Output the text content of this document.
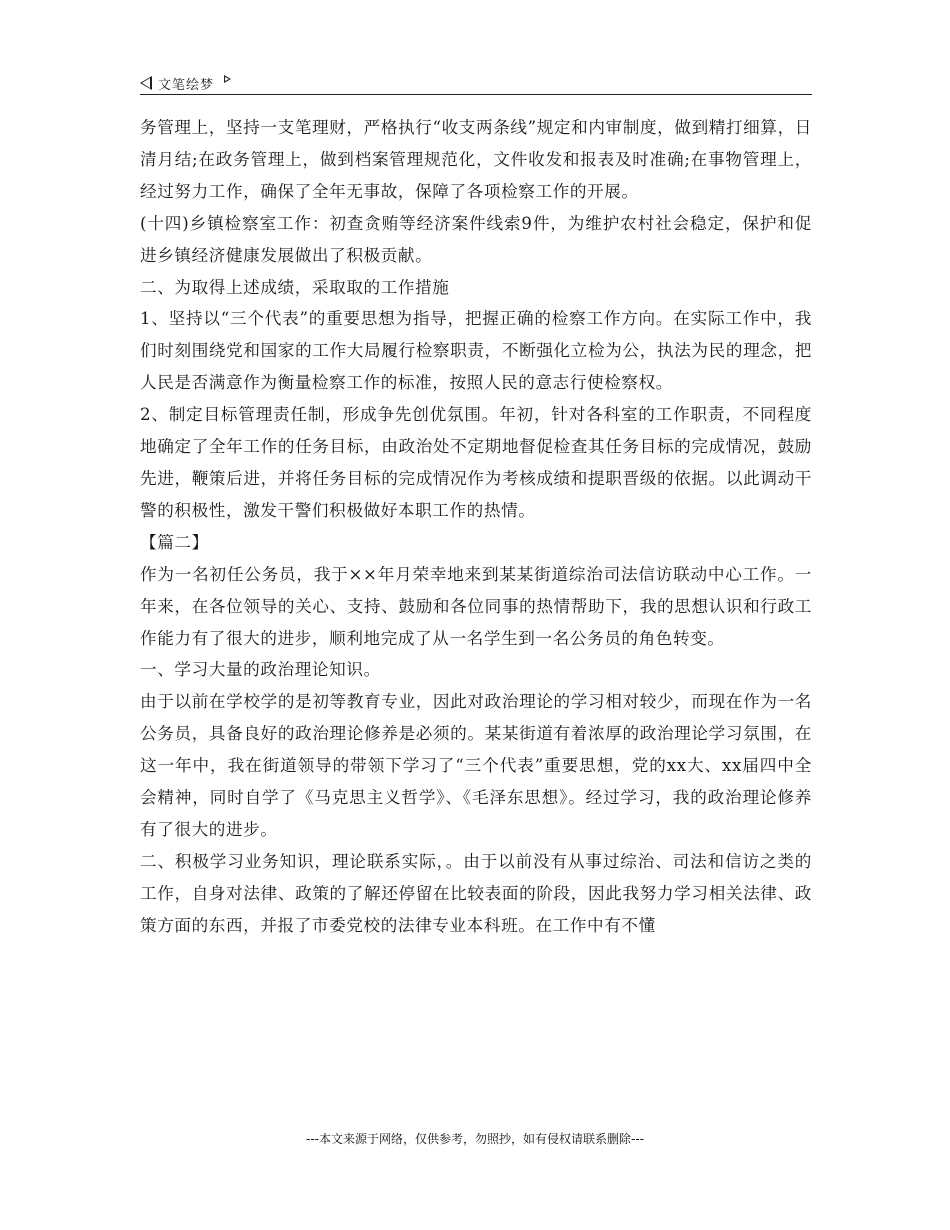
文笔绘梦

务管理上，坚持一支笔理财，严格执行“收支两条线”规定和内审制度，做到精打细算，日清月结;在政务管理上，做到档案管理规范化，文件收发和报表及时准确;在事物管理上，经过努力工作，确保了全年无事故，保障了各项检察工作的开展。

(十四)乡镇检察室工作：初查贪贿等经济案件线索9件，为维护农村社会稳定，保护和促进乡镇经济健康发展做出了积极贡献。

二、为取得上述成绩，采取取的工作措施

1、坚持以“三个代表”的重要思想为指导，把握正确的检察工作方向。在实际工作中，我们时刻围绕党和国家的工作大局履行检察职责，不断强化立检为公，执法为民的理念，把人民是否满意作为衡量检察工作的标准，按照人民的意志行使检察权。

2、制定目标管理责任制，形成争先创优氛围。年初，针对各科室的工作职责，不同程度地确定了全年工作的任务目标，由政治处不定期地督促检查其任务目标的完成情况，鼓励先进，鞭策后进，并将任务目标的完成情况作为考核成绩和提职晋级的依据。以此调动干警的积极性，激发干警们积极做好本职工作的热情。

【篇二】

作为一名初任公务员，我于××年月荣幸地来到某某街道综治司法信访联动中心工作。一年来，在各位领导的关心、支持、鼓励和各位同事的热情帮助下，我的思想认识和行政工作能力有了很大的进步，顺利地完成了从一名学生到一名公务员的角色转变。

一、学习大量的政治理论知识。

由于以前在学校学的是初等教育专业，因此对政治理论的学习相对较少，而现在作为一名公务员，具备良好的政治理论修养是必须的。某某街道有着浓厚的政治理论学习氛围，在这一年中，我在街道领导的带领下学习了“三个代表”重要思想，党的xx大、xx届四中全会精神，同时自学了《马克思主义哲学》、《毛泽东思想》。经过学习，我的政治理论修养有了很大的进步。

二、积极学习业务知识，理论联系实际，。由于以前没有从事过综治、司法和信访之类的工作，自身对法律、政策的了解还停留在比较表面的阶段，因此我努力学习相关法律、政策方面的东西，并报了市委党校的法律专业本科班。在工作中有不懂

---本文来源于网络，仅供参考，勿照抄，如有侵权请联系删除---
